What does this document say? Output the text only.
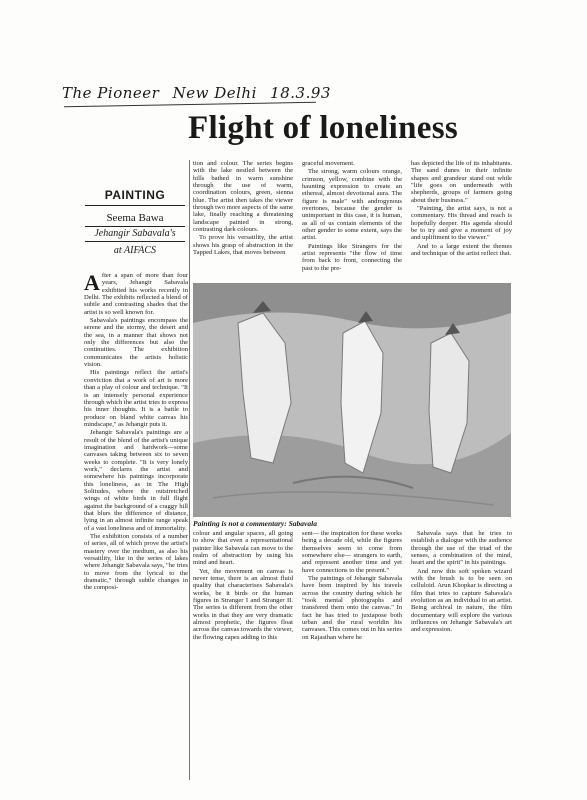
The Pioneer New Delhi 18.3.93
Flight of loneliness
PAINTING
Seema Bawa
Jehangir Sabavala's
at AIFACS

After a span of more than four years, Jehangir Sabavala exhibited his works recently in Delhi. The exhibits reflected a blend of subtle and contrasting shades that the artist is so well known for.

Sabavala's paintings encompass the serene and the stormy, the desert and the sea, in a manner that shows not only the differences but also the continuities. The exhibition communicates the artists holistic vision.

His paintings reflect the artist's conviction that a work of art is more than a play of colour and technique. "It is an intensely personal experience through which the artist tries to express his inner thoughts. It is a battle to produce on bland white canvas his mindscape," as Jehangir puts it.

Jehangir Sabavala's paintings are a result of the blend of the artist's unique imagination and hardwork—some canvases taking between six to seven weeks to complete. "It is very lonely work," declares the artist and somewhere his paintings incorporate this loneliness, as in The High Solitudes, where the outstretched wings of white birds in full flight against the background of a craggy hill that blurs the difference of distance, lying in an almost infinite range speak of a vast loneliness and of immortality.

The exhibition consists of a number of series, all of which prove the artist's mastery over the medium, as also his versatility, like in the series of lakes where Jehangir Sabavala says, "he tries to move from the lyrical to the dramatic," through subtle changes in the composi-

tion and colour. The series begins with the lake nestled between the hills bathed in warm sunshine through the use of warm, coordination colours, green, sienna blue. The artist then takes the viewer through two more aspects of the same lake, finally reaching a threatening landscape painted in strong, contrasting dark colours.

To prove his versatility, the artist shows his grasp of abstraction in the Tapped Lakes, that moves between

graceful movement.

The strong, warm colours orange, crimson, yellow, combine with the haunting expression to create an ethereal, almost devotional aura. The figure is male" with androgynous overtones, because the gender is unimportant in this case, it is human, as all of us contain elements of the other gender to some extent, says the artist.

Paintings like Strangers for the artist represents "the flow of time from back to front, connecting the past to the pre-

has depicted the life of its inhabitants. The sand dunes in their infinite shapes and grandeur stand out while "life goes on underneath with shepherds, groups of farmers going about their business."

"Painting, the artist says, is not a commentary. His thread and reach is hopefully deeper. His agenda should be to try and give a moment of joy and upliftment to the viewer."

And to a large extent the themes and technique of the artist reflect that.

Painting is not a commentary: Sabavala

colour and angular spaces, all going to show that even a representational painter like Sabavala can move to the realm of abstraction by using his mind and heart.

Yet, the movement on canvas is never tense, there is an almost fluid quality that characterises Sabavala's works, be it birds or the human figures in Stranger I and Stranger II. The series is different from the other works in that they are very dramatic almost prophetic, the figures float across the canvas towards the viewer, the flowing capes adding to this

sent— the inspiration for these works being a decade old, while the figures themselves seem to come from somewhere else— strangers to earth, and represent another time and yet have connections to the present."

The paintings of Jehangir Sabavala have been inspired by his travels across the country during which he "took mental photographs and transfered them onto the canvas." In fact he has tried to juxtapose both urban and the rural worldin his canvases. This comes out in his series on Rajasthan where he

Sabavala says that he tries to establish a dialogue with the audience through the use of the triad of the senses, a combination of the mind, heart and the spirit" in his paintings.

And now this soft spoken wizard with the brush is to be seen on celluloid. Arun Khopkar is directing a film that tries to capture Sabavala's evolution as an individual to an artist. Being archival in nature, the film documentary will explore the various influences on Jehangir Sabavala's art and expression.
